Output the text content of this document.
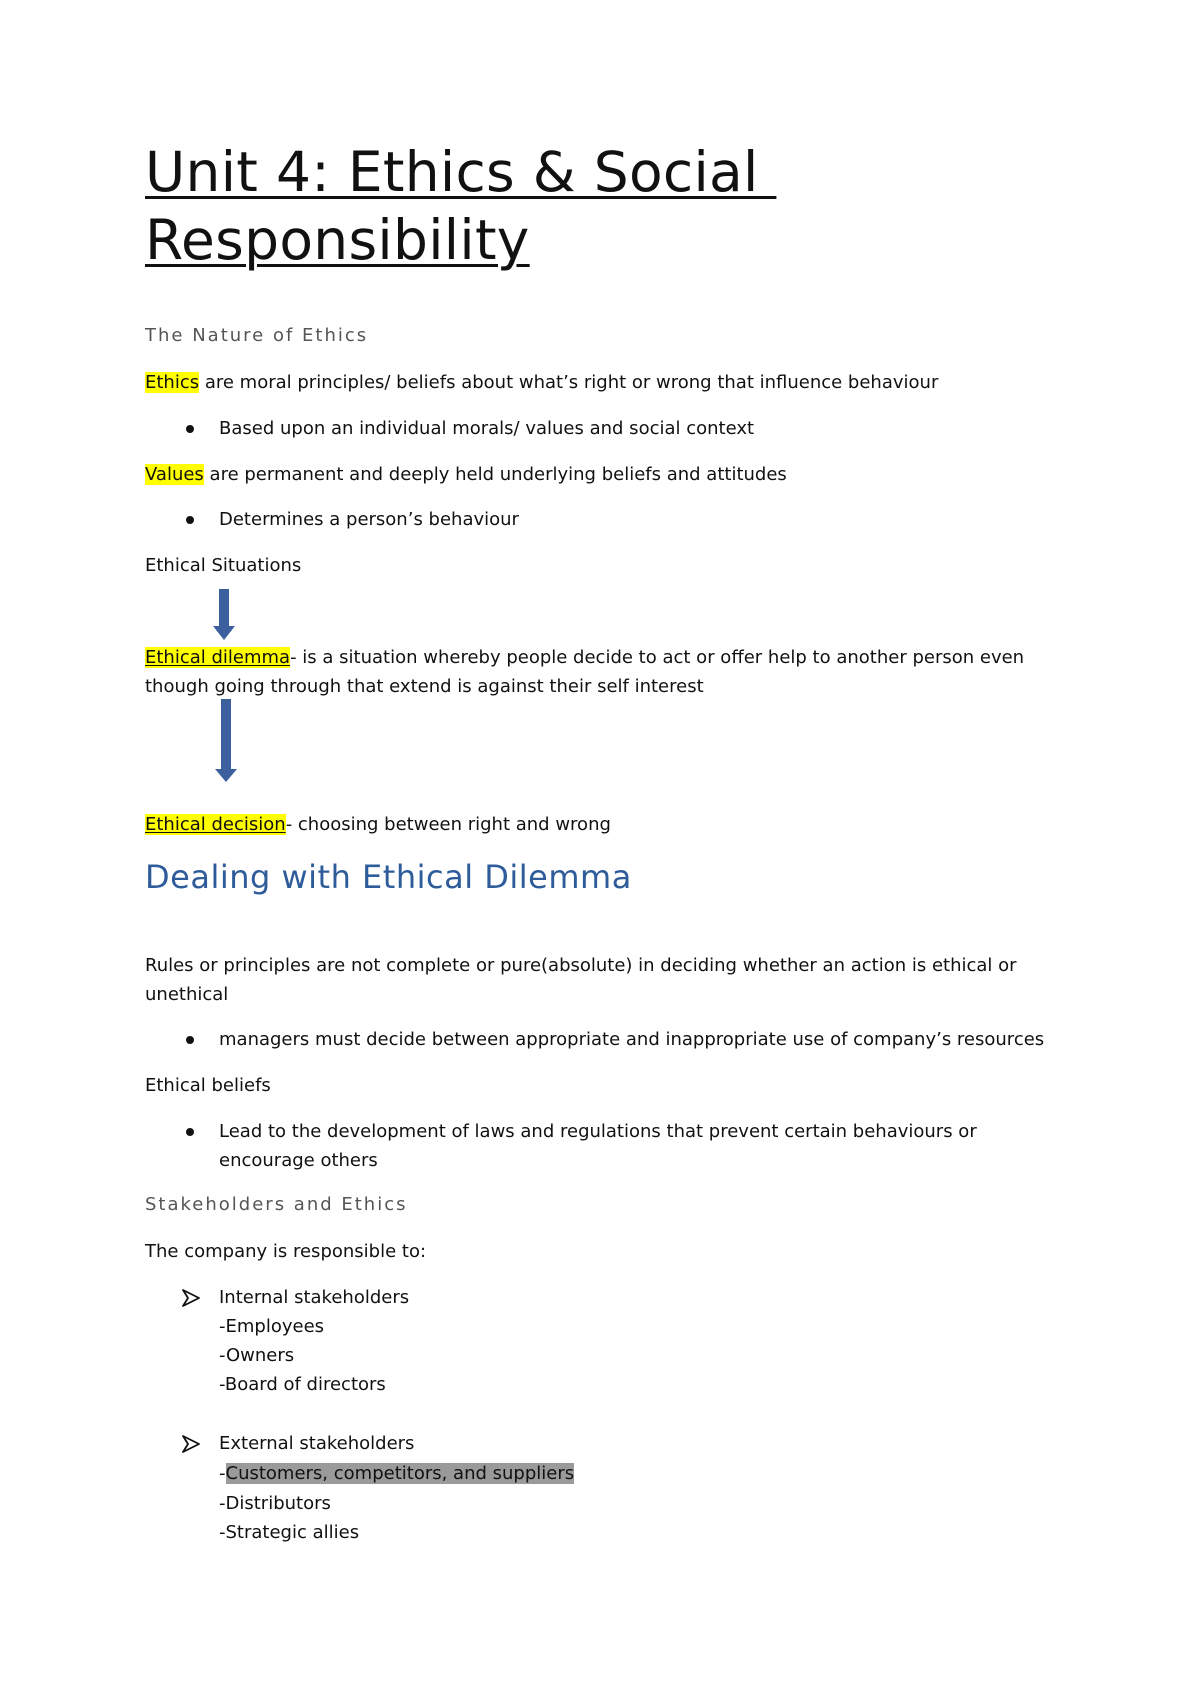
Unit 4: Ethics & Social
Responsibility
The Nature of Ethics
Ethics are moral principles/ beliefs about what’s right or wrong that influence behaviour
Based upon an individual morals/ values and social context
Values are permanent and deeply held underlying beliefs and attitudes
Determines a person’s behaviour
Ethical Situations
Ethical dilemma- is a situation whereby people decide to act or offer help to another person even
though going through that extend is against their self interest
Ethical decision- choosing between right and wrong
Dealing with Ethical Dilemma
Rules or principles are not complete or pure(absolute) in deciding whether an action is ethical or
unethical
managers must decide between appropriate and inappropriate use of company’s resources
Ethical beliefs
Lead to the development of laws and regulations that prevent certain behaviours or
encourage others
Stakeholders and Ethics
The company is responsible to:
Internal stakeholders
-Employees
-Owners
-Board of directors
External stakeholders
-Customers, competitors, and suppliers
-Distributors
-Strategic allies
